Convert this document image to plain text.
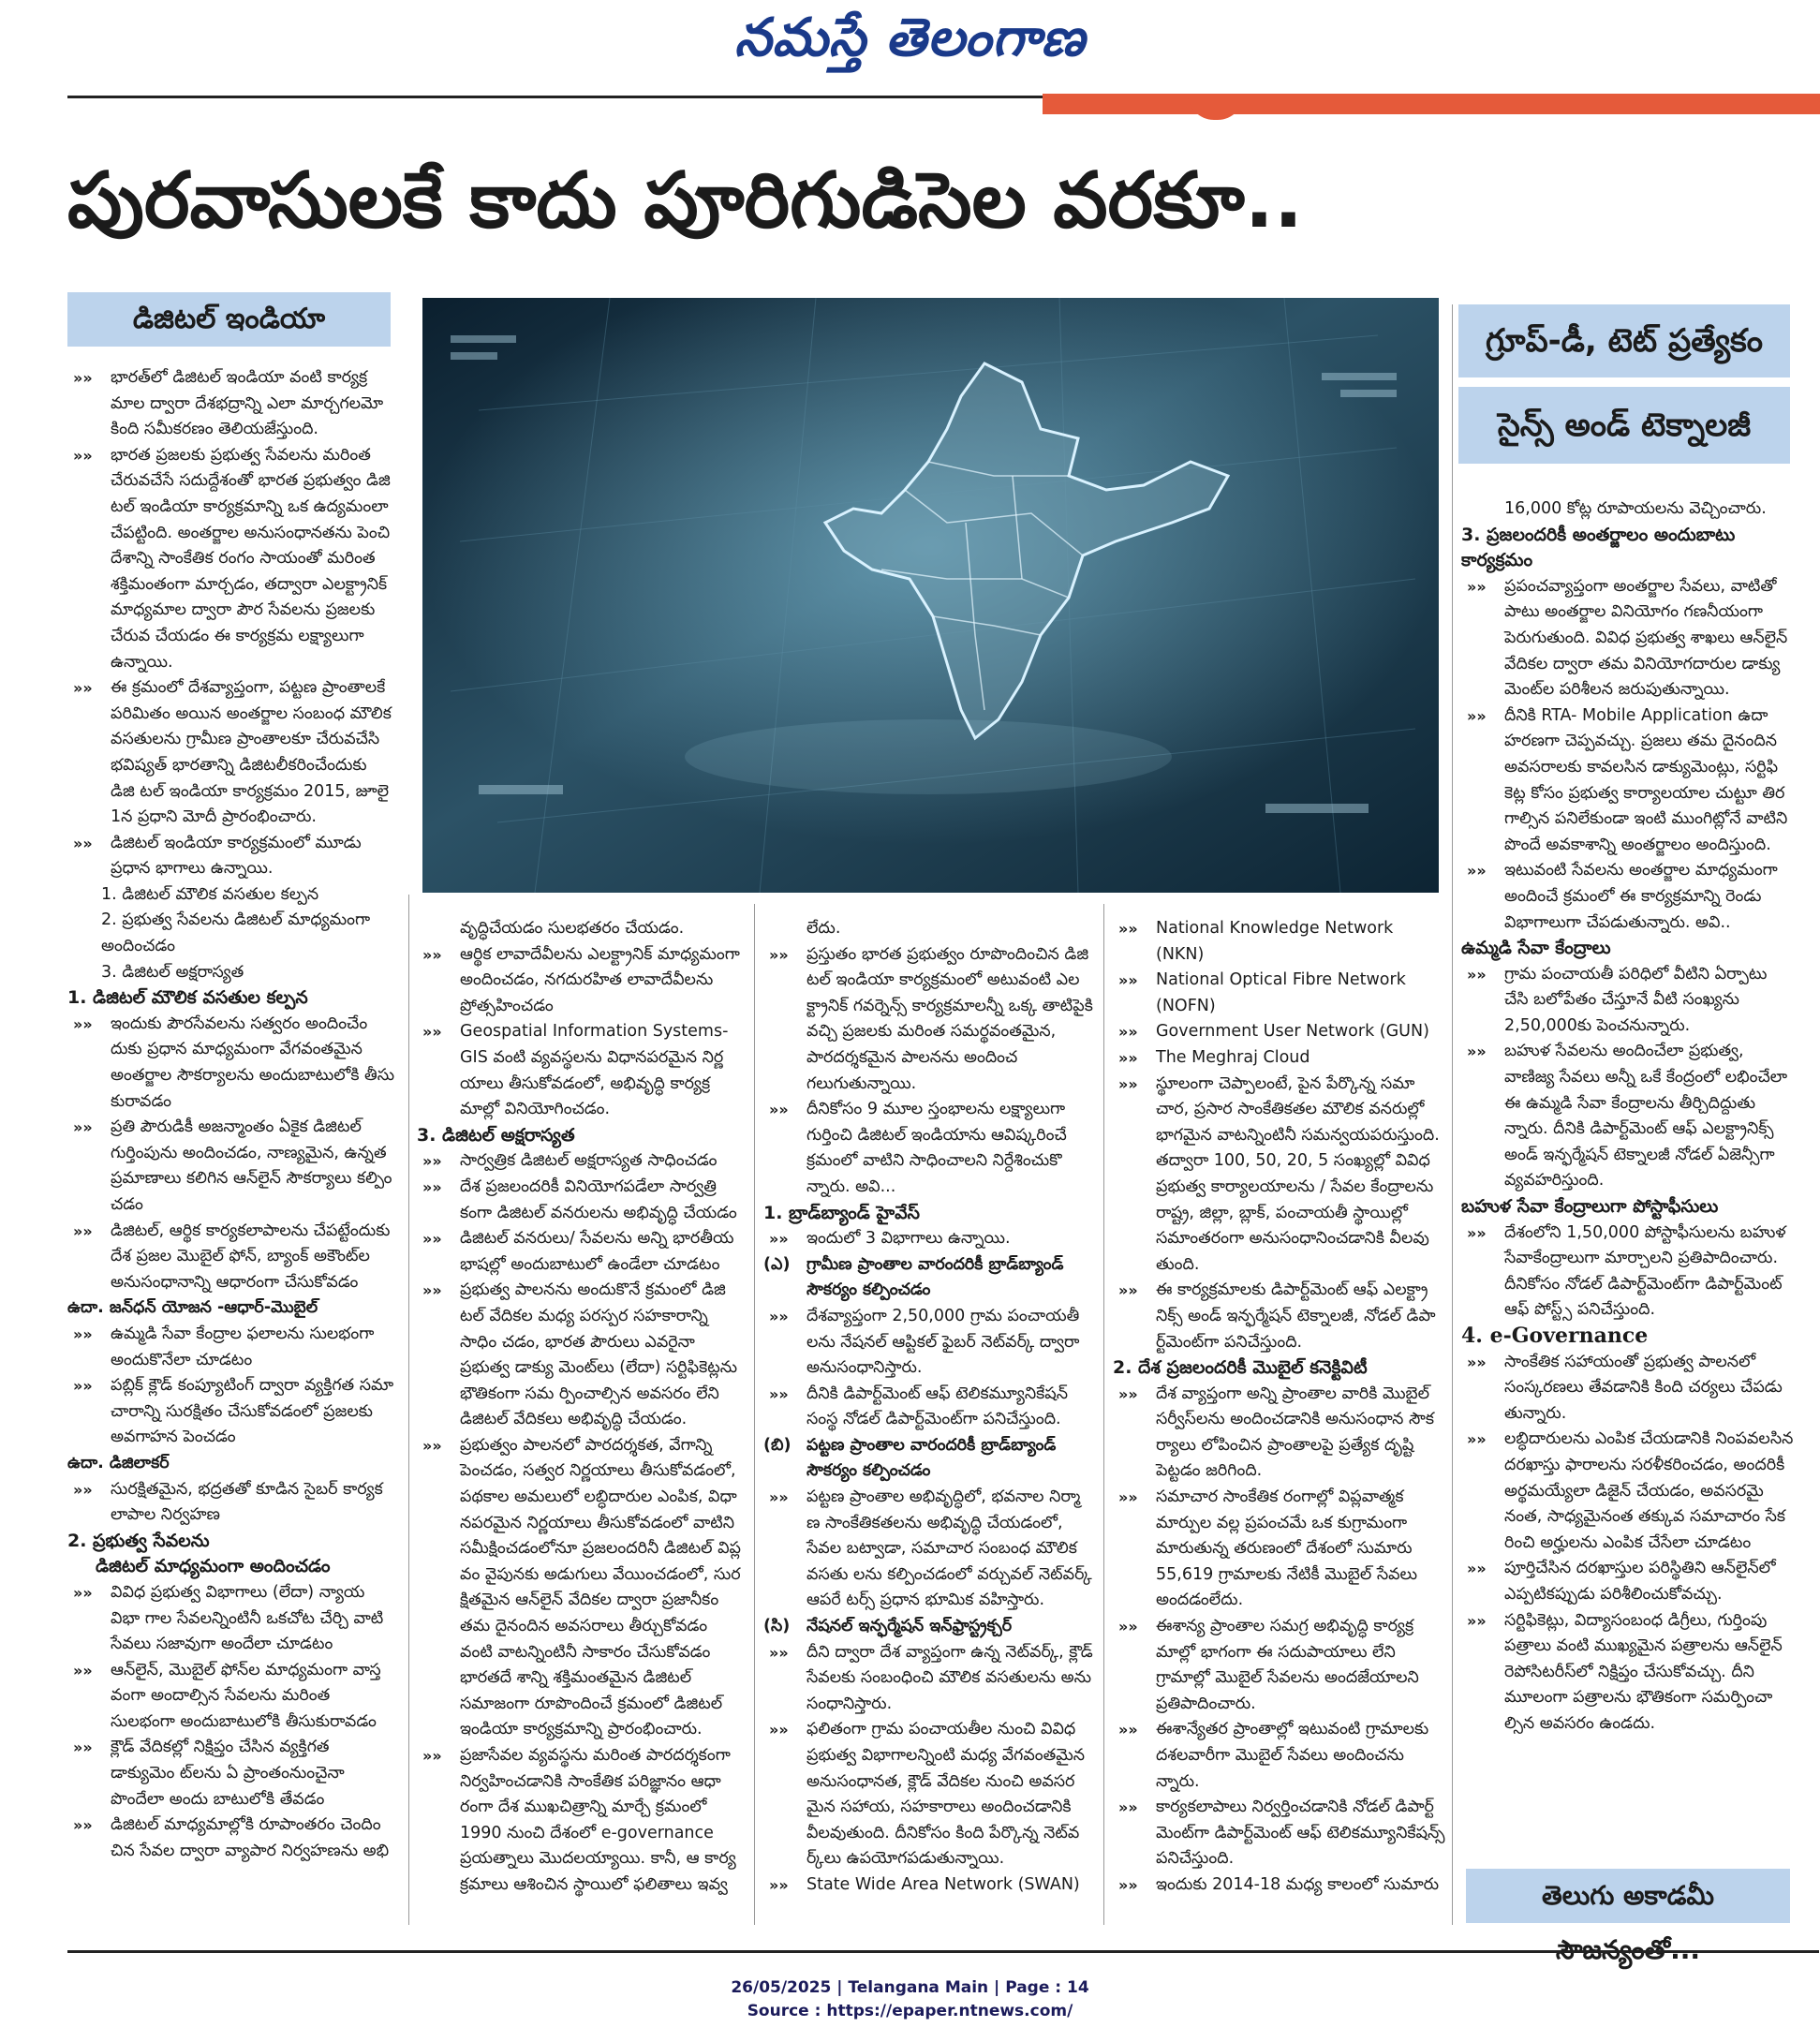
నమస్తే తెలంగాణ
పురవాసులకే కాదు పూరిగుడిసెల వరకూ..
డిజిటల్ ఇండియా
గ్రూప్-డీ, టెట్ ప్రత్యేకం
సైన్స్ అండ్ టెక్నాలజీ

»» భారత్‌లో డిజిటల్ ఇండియా వంటి కార్యక్ర మాల ద్వారా దేశభద్రాన్ని ఎలా మార్చగలమో కింది సమీకరణం తెలియజేస్తుంది.

»» భారత ప్రజలకు ప్రభుత్వ సేవలను మరింత చేరువచేసే సదుద్దేశంతో భారత ప్రభుత్వం డిజి టల్ ఇండియా కార్యక్రమాన్ని ఒక ఉద్యమంలా చేపట్టింది. అంతర్జాల అనుసంధానతను పెంచి దేశాన్ని సాంకేతిక రంగం సాయంతో మరింత శక్తిమంతంగా మార్చడం, తద్వారా ఎలక్ట్రానిక్ మాధ్యమాల ద్వారా పౌర సేవలను ప్రజలకు చేరువ చేయడం ఈ కార్యక్రమ లక్ష్యాలుగా ఉన్నాయి.

»» ఈ క్రమంలో దేశవ్యాప్తంగా, పట్టణ ప్రాంతాలకే పరిమితం అయిన అంతర్జాల సంబంధ మౌలిక వసతులను గ్రామీణ ప్రాంతాలకూ చేరువచేసి భవిష్యత్ భారతాన్ని డిజిటలీకరించేందుకు డిజి టల్ ఇండియా కార్యక్రమం 2015, జూలై 1న ప్రధాని మోదీ ప్రారంభించారు.

»» డిజిటల్ ఇండియా కార్యక్రమంలో మూడు ప్రధాన భాగాలు ఉన్నాయి.

1. డిజిటల్ మౌలిక వసతుల కల్పన

2. ప్రభుత్వ సేవలను డిజిటల్ మాధ్యమంగా అందించడం

3. డిజిటల్ అక్షరాస్యత

1. డిజిటల్ మౌలిక వసతుల కల్పన

»» ఇందుకు పౌరసేవలను సత్వరం అందించేం దుకు ప్రధాన మాధ్యమంగా వేగవంతమైన అంతర్జాల సౌకర్యాలను అందుబాటులోకి తీసు కురావడం

»» ప్రతి పౌరుడికీ అజన్మాంతం ఏకైక డిజిటల్ గుర్తింపును అందించడం, నాణ్యమైన, ఉన్నత ప్రమాణాలు కలిగిన ఆన్‌లైన్ సౌకర్యాలు కల్పిం చడం

»» డిజిటల్, ఆర్థిక కార్యకలాపాలను చేపట్టేందుకు దేశ ప్రజల మొబైల్ ఫోన్, బ్యాంక్ అకౌంట్‌ల అనుసంధానాన్ని ఆధారంగా చేసుకోవడం

ఉదా. జన్‌ధన్ యోజన -ఆధార్-మొబైల్

»» ఉమ్మడి సేవా కేంద్రాల ఫలాలను సులభంగా అందుకొనేలా చూడటం

»» పబ్లిక్ క్లౌడ్ కంప్యూటింగ్ ద్వారా వ్యక్తిగత సమా చారాన్ని సురక్షితం చేసుకోవడంలో ప్రజలకు అవగాహన పెంచడం

ఉదా. డిజిలాకర్

»» సురక్షితమైన, భద్రతతో కూడిన సైబర్ కార్యక లాపాల నిర్వహణ

2. ప్రభుత్వ సేవలను

డిజిటల్ మాధ్యమంగా అందించడం

»» వివిధ ప్రభుత్వ విభాగాలు (లేదా) న్యాయ విభా గాల సేవలన్నింటినీ ఒకచోట చేర్చి వాటి సేవలు సజావుగా అందేలా చూడటం

»» ఆన్‌లైన్, మొబైల్ ఫోన్‌ల మాధ్యమంగా వాస్త వంగా అందాల్సిన సేవలను మరింత సులభంగా అందుబాటులోకి తీసుకురావడం

»» క్లౌడ్ వేదికల్లో నిక్షిప్తం చేసిన వ్యక్తిగత డాక్యుమెం ట్‌లను ఏ ప్రాంతంనుంచైనా పొందేలా అందు బాటులోకి తేవడం

»» డిజిటల్ మాధ్యమాల్లోకి రూపాంతరం చెందిం చిన సేవల ద్వారా వ్యాపార నిర్వహణను అభి

వృద్ధిచేయడం సులభతరం చేయడం.

»» ఆర్థిక లావాదేవీలను ఎలక్ట్రానిక్ మాధ్యమంగా అందించడం, నగదురహిత లావాదేవీలను ప్రోత్సహించడం

»» Geospatial Information Systems-GIS వంటి వ్యవస్థలను విధానపరమైన నిర్ణ యాలు తీసుకోవడంలో, అభివృద్ధి కార్యక్ర మాల్లో వినియోగించడం.

3. డిజిటల్ అక్షరాస్యత

»» సార్వత్రిక డిజిటల్ అక్షరాస్యత సాధించడం

»» దేశ ప్రజలందరికీ వినియోగపడేలా సార్వత్రి కంగా డిజిటల్ వనరులను అభివృద్ధి చేయడం

»» డిజిటల్ వనరులు/ సేవలను అన్ని భారతీయ భాషల్లో అందుబాటులో ఉండేలా చూడటం

»» ప్రభుత్వ పాలనను అందుకొనే క్రమంలో డిజి టల్ వేదికల మధ్య పరస్పర సహకారాన్ని సాధిం చడం, భారత పౌరులు ఎవరైనా ప్రభుత్వ డాక్యు మెంట్‌లు (లేదా) సర్టిఫికెట్లను భౌతికంగా సమ ర్పించాల్సిన అవసరం లేని డిజిటల్ వేదికలు అభివృద్ధి చేయడం.

»» ప్రభుత్వం పాలనలో పారదర్శకత, వేగాన్ని పెంచడం, సత్వర నిర్ణయాలు తీసుకోవడంలో, పథకాల అమలులో లబ్ధిదారుల ఎంపిక, విధా నపరమైన నిర్ణయాలు తీసుకోవడంలో వాటిని సమీక్షించడంలోనూ ప్రజలందరినీ డిజిటల్ విప్ల వం వైపునకు అడుగులు వేయించడంలో, సుర క్షితమైన ఆన్‌లైన్ వేదికల ద్వారా ప్రజానీకం తమ దైనందిన అవసరాలు తీర్చుకోవడం వంటి వాటన్నింటినీ సాకారం చేసుకోవడం భారతదే శాన్ని శక్తిమంతమైన డిజిటల్ సమాజంగా రూపొందించే క్రమంలో డిజిటల్ ఇండియా కార్యక్రమాన్ని ప్రారంభించారు.

»» ప్రజాసేవల వ్యవస్థను మరింత పారదర్శకంగా నిర్వహించడానికి సాంకేతిక పరిజ్ఞానం ఆధా రంగా దేశ ముఖచిత్రాన్ని మార్చే క్రమంలో 1990 నుంచి దేశంలో e-governance ప్రయత్నాలు మొదలయ్యాయి. కానీ, ఆ కార్య క్రమాలు ఆశించిన స్థాయిలో ఫలితాలు ఇవ్వ

లేదు.

»» ప్రస్తుతం భారత ప్రభుత్వం రూపొందించిన డిజి టల్ ఇండియా కార్యక్రమంలో అటువంటి ఎల క్ట్రానిక్ గవర్నెన్స్ కార్యక్రమాలన్నీ ఒక్క తాటిపైకి వచ్చి ప్రజలకు మరింత సమర్థవంతమైన, పారదర్శకమైన పాలనను అందించ గలుగుతున్నాయి.

»» దీనికోసం 9 మూల స్తంభాలను లక్ష్యాలుగా గుర్తించి డిజిటల్ ఇండియాను ఆవిష్కరించే క్రమంలో వాటిని సాధించాలని నిర్దేశించుకొ న్నారు. అవి...

1. బ్రాడ్‌బ్యాండ్ హైవేస్

»» ఇందులో 3 విభాగాలు ఉన్నాయి.

(ఎ) గ్రామీణ ప్రాంతాల వారందరికీ బ్రాడ్‌బ్యాండ్ సౌకర్యం కల్పించడం

»» దేశవ్యాప్తంగా 2,50,000 గ్రామ పంచాయతీ లను నేషనల్ ఆప్టికల్ ఫైబర్ నెట్‌వర్క్ ద్వారా అనుసంధానిస్తారు.

»» దీనికి డిపార్ట్‌మెంట్ ఆఫ్ టెలికమ్యూనికేషన్ సంస్థ నోడల్ డిపార్ట్‌మెంట్‌గా పనిచేస్తుంది.

(బి) పట్టణ ప్రాంతాల వారందరికీ బ్రాడ్‌బ్యాండ్ సౌకర్యం కల్పించడం

»» పట్టణ ప్రాంతాల అభివృద్ధిలో, భవనాల నిర్మా ణ సాంకేతికతలను అభివృద్ధి చేయడంలో, సేవల బట్వాడా, సమాచార సంబంధ మౌలిక వసతు లను కల్పించడంలో వర్చువల్ నెట్‌వర్క్ ఆపరే టర్స్ ప్రధాన భూమిక వహిస్తారు.

(సి) నేషనల్ ఇన్ఫర్మేషన్ ఇన్‌ఫ్రాస్ట్రక్చర్

»» దీని ద్వారా దేశ వ్యాప్తంగా ఉన్న నెట్‌వర్క్, క్లౌడ్ సేవలకు సంబంధించి మౌలిక వసతులను అను సంధానిస్తారు.

»» ఫలితంగా గ్రామ పంచాయతీల నుంచి వివిధ ప్రభుత్వ విభాగాలన్నింటి మధ్య వేగవంతమైన అనుసంధానత, క్లౌడ్ వేదికల నుంచి అవసర మైన సహాయ, సహకారాలు అందించడానికి వీలవుతుంది. దీనికోసం కింది పేర్కొన్న నెట్‌వ ర్క్‌లు ఉపయోగపడుతున్నాయి.

»» State Wide Area Network (SWAN)

»» National Knowledge Network (NKN)

»» National Optical Fibre Network (NOFN)

»» Government User Network (GUN)

»» The Meghraj Cloud

»» స్థూలంగా చెప్పాలంటే, పైన పేర్కొన్న సమా చార, ప్రసార సాంకేతికతల మౌలిక వనరుల్లో భాగమైన వాటన్నింటినీ సమన్వయపరుస్తుంది. తద్వారా 100, 50, 20, 5 సంఖ్యల్లో వివిధ ప్రభుత్వ కార్యాలయాలను / సేవల కేంద్రాలను రాష్ట్ర, జిల్లా, బ్లాక్, పంచాయతీ స్థాయిల్లో సమాంతరంగా అనుసంధానించడానికి వీలవు తుంది.

»» ఈ కార్యక్రమాలకు డిపార్ట్‌మెంట్ ఆఫ్ ఎలక్ట్రా నిక్స్ అండ్ ఇన్ఫర్మేషన్ టెక్నాలజీ, నోడల్ డిపా ర్ట్‌మెంట్‌గా పనిచేస్తుంది.

2. దేశ ప్రజలందరికీ మొబైల్ కనెక్టివిటీ

»» దేశ వ్యాప్తంగా అన్ని ప్రాంతాల వారికి మొబైల్ సర్వీస్‌లను అందించడానికి అనుసంధాన సౌక ర్యాలు లోపించిన ప్రాంతాలపై ప్రత్యేక దృష్టి పెట్టడం జరిగింది.

»» సమాచార సాంకేతిక రంగాల్లో విప్లవాత్మక మార్పుల వల్ల ప్రపంచమే ఒక కుగ్రామంగా మారుతున్న తరుణంలో దేశంలో సుమారు 55,619 గ్రామాలకు నేటికీ మొబైల్ సేవలు అందడంలేదు.

»» ఈశాన్య ప్రాంతాల సమగ్ర అభివృద్ధి కార్యక్ర మాల్లో భాగంగా ఈ సదుపాయాలు లేని గ్రామాల్లో మొబైల్ సేవలను అందజేయాలని ప్రతిపాదించారు.

»» ఈశాన్యేతర ప్రాంతాల్లో ఇటువంటి గ్రామాలకు దశలవారీగా మొబైల్ సేవలు అందించను న్నారు.

»» కార్యకలాపాలు నిర్వర్తించడానికి నోడల్ డిపార్ట్ మెంట్‌గా డిపార్ట్‌మెంట్ ఆఫ్ టెలికమ్యూనికేషన్స్ పనిచేస్తుంది.

»» ఇందుకు 2014-18 మధ్య కాలంలో సుమారు

16,000 కోట్ల రూపాయలను వెచ్చించారు.

3. ప్రజలందరికీ అంతర్జాలం అందుబాటు కార్యక్రమం

»» ప్రపంచవ్యాప్తంగా అంతర్జాల సేవలు, వాటితో పాటు అంతర్జాల వినియోగం గణనీయంగా పెరుగుతుంది. వివిధ ప్రభుత్వ శాఖలు ఆన్‌లైన్ వేదికల ద్వారా తమ వినియోగదారుల డాక్యు మెంట్‌ల పరిశీలన జరుపుతున్నాయి.

»» దీనికి RTA- Mobile Application ఉదా హరణగా చెప్పవచ్చు. ప్రజలు తమ దైనందిన అవసరాలకు కావలసిన డాక్యుమెంట్లు, సర్టిఫి కెట్ల కోసం ప్రభుత్వ కార్యాలయాల చుట్టూ తిర గాల్సిన పనిలేకుండా ఇంటి ముంగిట్లోనే వాటిని పొందే అవకాశాన్ని అంతర్జాలం అందిస్తుంది.

»» ఇటువంటి సేవలను అంతర్జాల మాధ్యమంగా అందించే క్రమంలో ఈ కార్యక్రమాన్ని రెండు విభాగాలుగా చేపడుతున్నారు. అవి..

ఉమ్మడి సేవా కేంద్రాలు

»» గ్రామ పంచాయతీ పరిధిలో వీటిని ఏర్పాటు చేసి బలోపేతం చేస్తూనే వీటి సంఖ్యను 2,50,000కు పెంచనున్నారు.

»» బహుళ సేవలను అందించేలా ప్రభుత్వ, వాణిజ్య సేవలు అన్నీ ఒకే కేంద్రంలో లభించేలా ఈ ఉమ్మడి సేవా కేంద్రాలను తీర్చిదిద్దుతు న్నారు. దీనికి డిపార్ట్‌మెంట్ ఆఫ్ ఎలక్ట్రానిక్స్ అండ్ ఇన్ఫర్మేషన్ టెక్నాలజీ నోడల్ ఏజెన్సీగా వ్యవహరిస్తుంది.

బహుళ సేవా కేంద్రాలుగా పోస్టాఫీసులు

»» దేశంలోని 1,50,000 పోస్టాఫీసులను బహుళ సేవాకేంద్రాలుగా మార్చాలని ప్రతిపాదించారు. దీనికోసం నోడల్ డిపార్ట్‌మెంట్‌గా డిపార్ట్‌మెంట్ ఆఫ్ పోస్ట్స్ పనిచేస్తుంది.

4. e-Governance

»» సాంకేతిక సహాయంతో ప్రభుత్వ పాలనలో సంస్కరణలు తేవడానికి కింది చర్యలు చేపడు తున్నారు.

»» లబ్ధిదారులను ఎంపిక చేయడానికి నింపవలసిన దరఖాస్తు ఫారాలను సరళీకరించడం, అందరికీ అర్థమయ్యేలా డిజైన్ చేయడం, అవసరమై నంత, సాధ్యమైనంత తక్కువ సమాచారం సేక రించి అర్హులను ఎంపిక చేసేలా చూడటం

»» పూర్తిచేసిన దరఖాస్తుల పరిస్థితిని ఆన్‌లైన్‌లో ఎప్పటికప్పుడు పరిశీలించుకోవచ్చు.

»» సర్టిఫికెట్లు, విద్యాసంబంధ డిగ్రీలు, గుర్తింపు పత్రాలు వంటి ముఖ్యమైన పత్రాలను ఆన్‌లైన్ రెపోసిటరీస్‌లో నిక్షిప్తం చేసుకోవచ్చు. దీని మూలంగా పత్రాలను భౌతికంగా సమర్పించా ల్సిన అవసరం ఉండదు.

తెలుగు అకాడమీ సౌజన్యంతో...
26/05/2025 | Telangana Main | Page : 14
Source : https://epaper.ntnews.com/
